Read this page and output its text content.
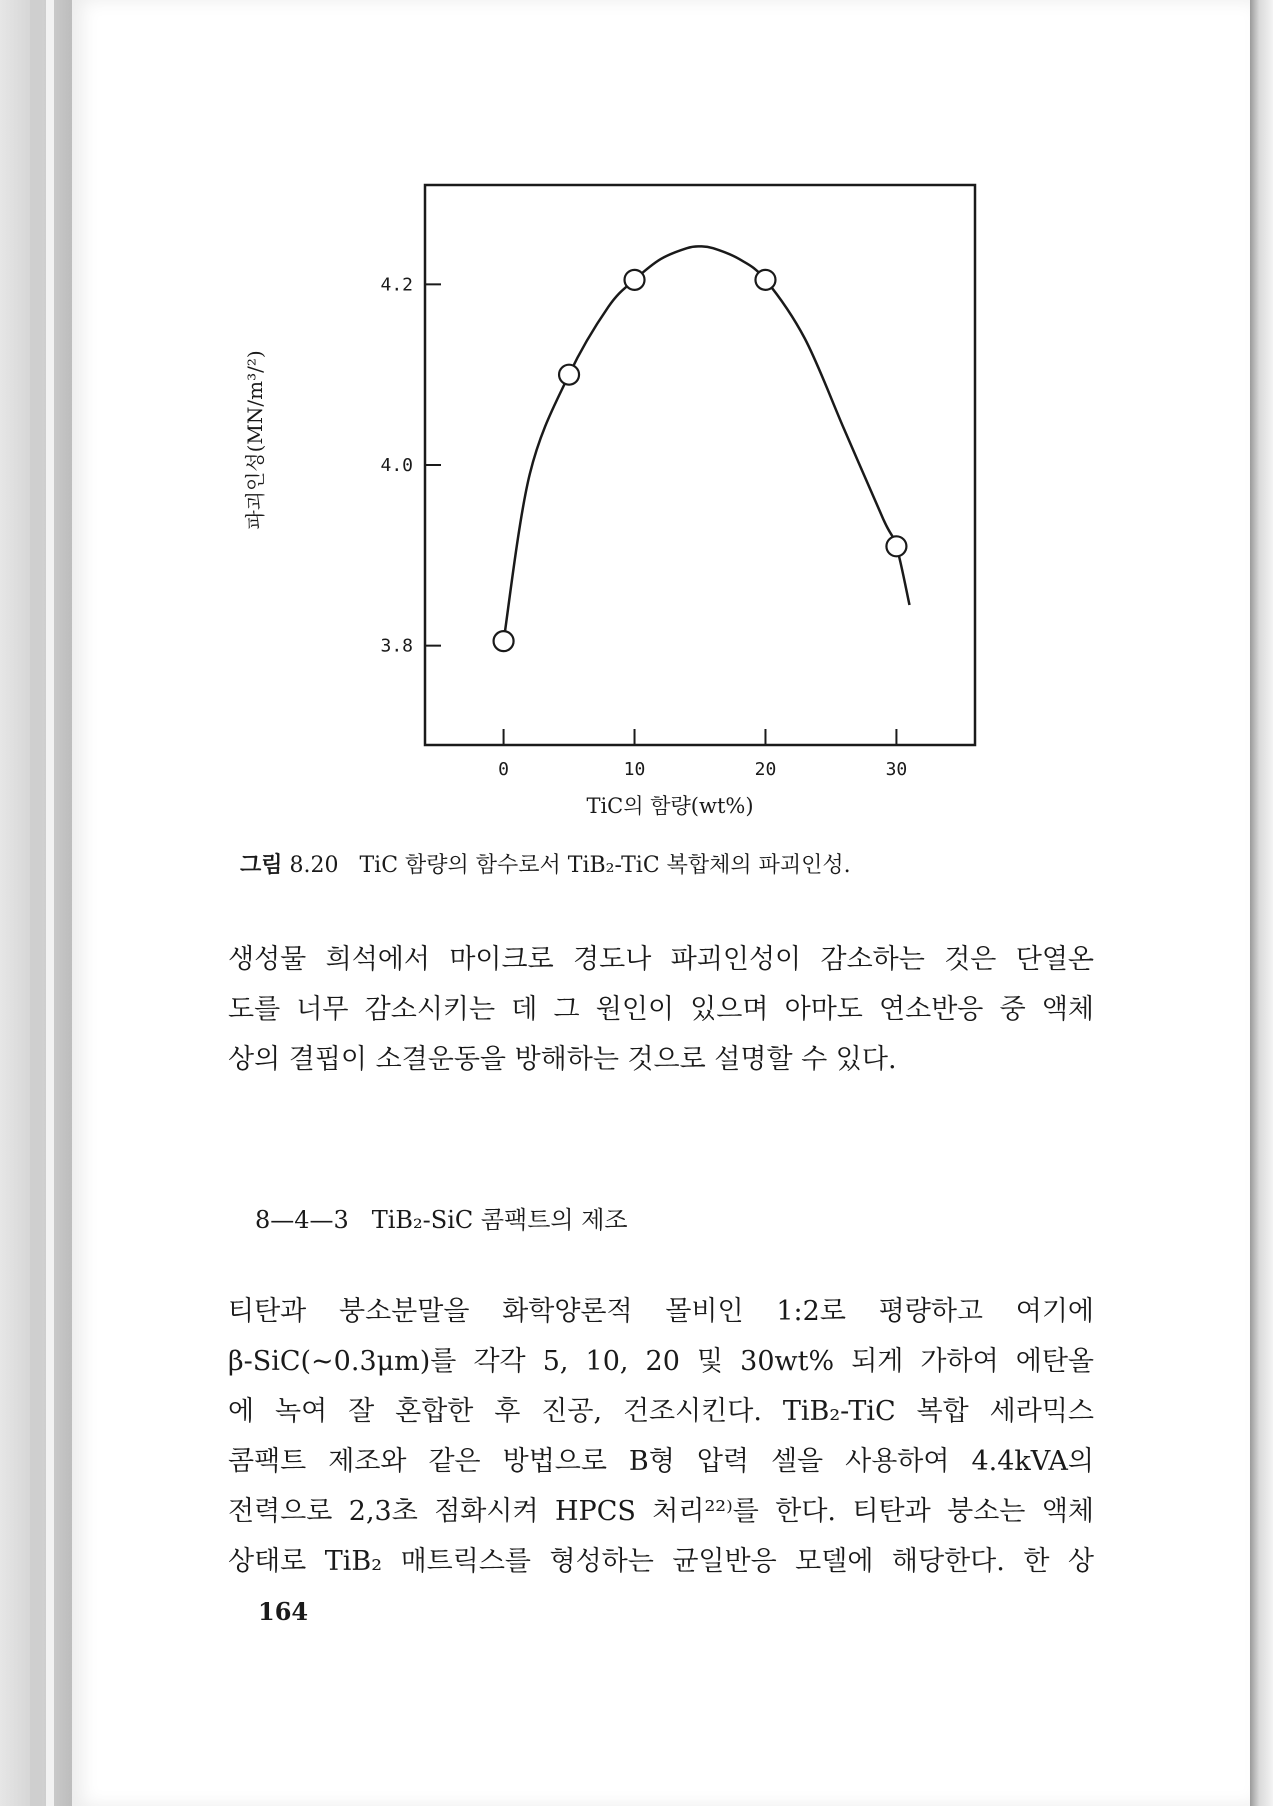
3.8
4.0
4.2
0	10	20	30
파괴인성(MN/m³/²)
TiC의 함량(wt%)
그림 8.20 TiC 함량의 함수로서 TiB₂-TiC 복합체의 파괴인성.
생성물 희석에서 마이크로 경도나 파괴인성이 감소하는 것은 단열온
도를 너무 감소시키는 데 그 원인이 있으며 아마도 연소반응 중 액체
상의 결핍이 소결운동을 방해하는 것으로 설명할 수 있다.
8—4—3 TiB₂-SiC 콤팩트의 제조
티탄과 붕소분말을 화학양론적 몰비인 1:2로 평량하고 여기에
β-SiC(~0.3μm)를 각각 5, 10, 20 및 30wt% 되게 가하여 에탄올
에 녹여 잘 혼합한 후 진공, 건조시킨다. TiB₂-TiC 복합 세라믹스
콤팩트 제조와 같은 방법으로 B형 압력 셀을 사용하여 4.4kVA의
전력으로 2,3초 점화시켜 HPCS 처리²²⁾를 한다. 티탄과 붕소는 액체
상태로 TiB₂ 매트릭스를 형성하는 균일반응 모델에 해당한다. 한 상
164
